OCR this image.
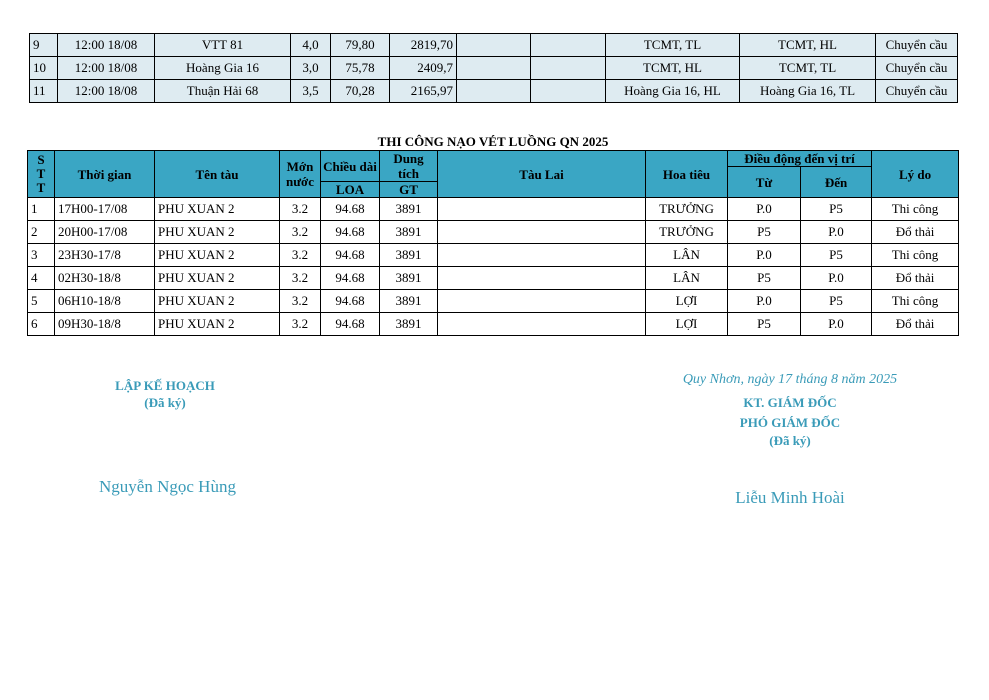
9	12:00 18/08	VTT 81	4,0	79,80	2819,70			TCMT, TL	TCMT, HL	Chuyển cầu
10	12:00 18/08	Hoàng Gia 16	3,0	75,78	2409,7			TCMT, HL	TCMT, TL	Chuyển cầu
11	12:00 18/08	Thuận Hải 68	3,5	70,28	2165,97			Hoàng Gia 16, HL	Hoàng Gia 16, TL	Chuyển cầu
THI CÔNG NẠO VÉT LUỒNG QN 2025
S T T	Thời gian	Tên tàu	Mớn nước	Chiều dài	Dung tích	Tàu Lai	Hoa tiêu	Điều động đến vị trí		Lý do
								Từ	Đến	
				LOA	GT					
1	17H00-17/08	PHU XUAN 2	3.2	94.68	3891		TRƯỞNG	P.0	P5	Thi công
2	20H00-17/08	PHU XUAN 2	3.2	94.68	3891		TRƯỞNG	P5	P.0	Đổ thải
3	23H30-17/8	PHU XUAN 2	3.2	94.68	3891		LÂN	P.0	P5	Thi công
4	02H30-18/8	PHU XUAN 2	3.2	94.68	3891		LÂN	P5	P.0	Đổ thải
5	06H10-18/8	PHU XUAN 2	3.2	94.68	3891		LỢI	P.0	P5	Thi công
6	09H30-18/8	PHU XUAN 2	3.2	94.68	3891		LỢI	P5	P.0	Đổ thải
LẬP KẾ HOẠCH
(Đã ký)
Nguyễn Ngọc Hùng
Quy Nhơn, ngày 17 tháng 8 năm 2025
KT. GIÁM ĐỐC
PHÓ GIÁM ĐỐC
(Đã ký)
Liễu Minh Hoài
